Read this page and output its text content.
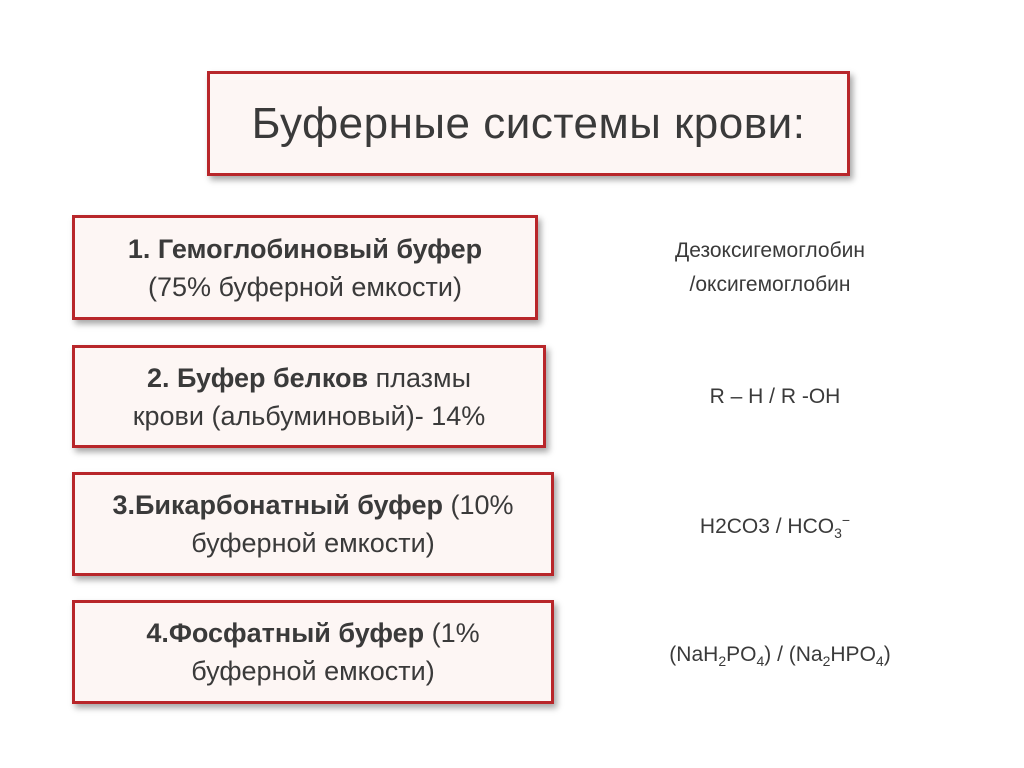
Буферные системы крови:
1. Гемоглобиновый буфер
(75% буферной емкости)
2. Буфер белков плазмы
крови (альбуминовый)- 14%
3.Бикарбонатный буфер (10%
буферной емкости)
4.Фосфатный буфер (1%
буферной емкости)
Дезоксигемоглобин
/оксигемоглобин
R – H / R -OH
$H2CO3 / HCO_3^-$
$(NaH_2PO_4) / (Na_2HPO_4)$
